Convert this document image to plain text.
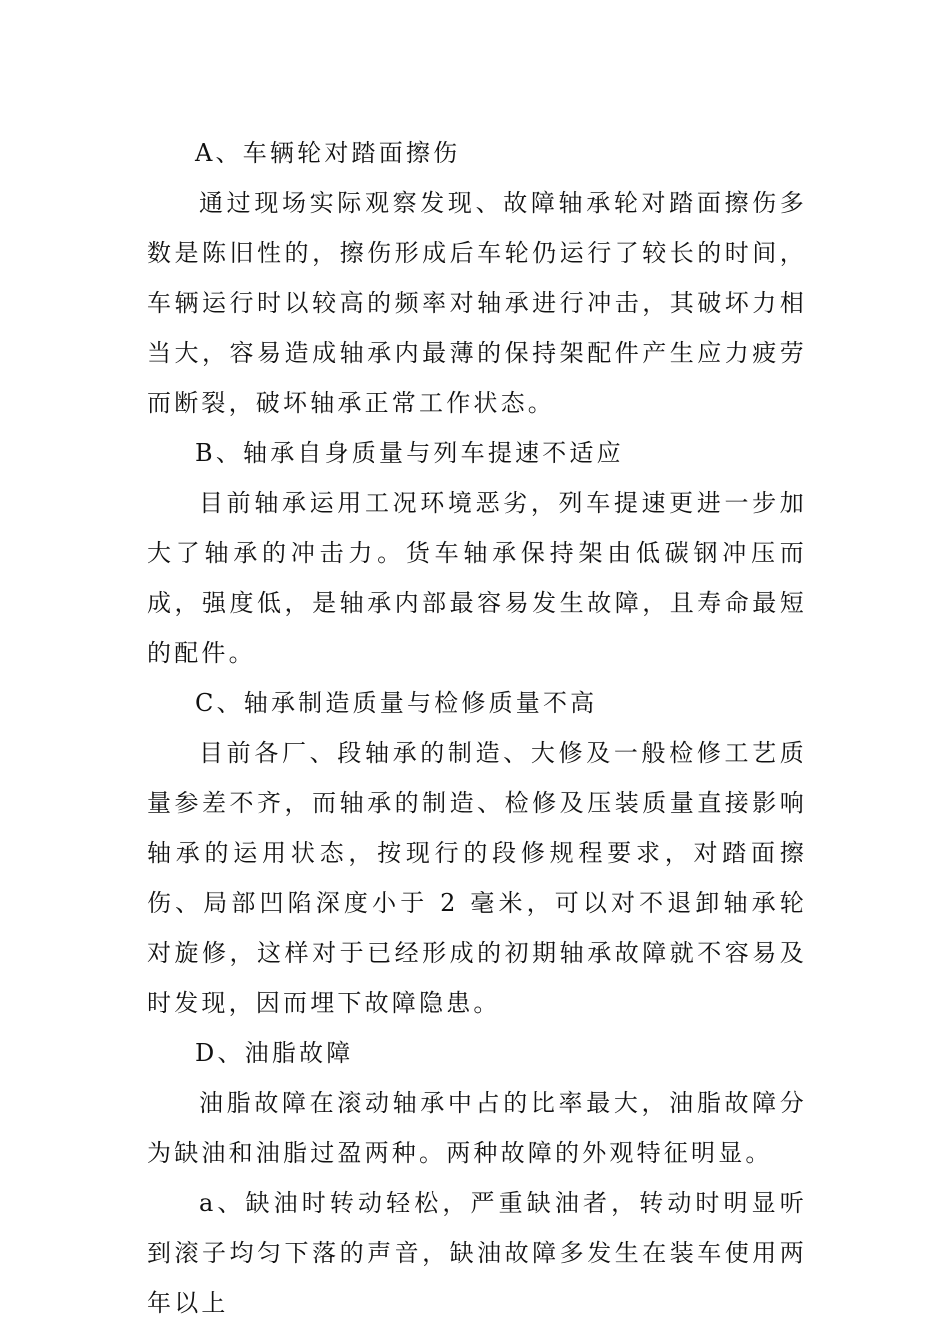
A、车辆轮对踏面擦伤

通过现场实际观察发现、故障轴承轮对踏面擦伤多数是陈旧性的，擦伤形成后车轮仍运行了较长的时间，车辆运行时以较高的频率对轴承进行冲击，其破坏力相当大，容易造成轴承内最薄的保持架配件产生应力疲劳而断裂，破坏轴承正常工作状态。

B、轴承自身质量与列车提速不适应

目前轴承运用工况环境恶劣，列车提速更进一步加大了轴承的冲击力。货车轴承保持架由低碳钢冲压而成，强度低，是轴承内部最容易发生故障，且寿命最短的配件。

C、轴承制造质量与检修质量不高

目前各厂、段轴承的制造、大修及一般检修工艺质量参差不齐，而轴承的制造、检修及压装质量直接影响轴承的运用状态，按现行的段修规程要求，对踏面擦伤、局部凹陷深度小于 2 毫米，可以对不退卸轴承轮对旋修，这样对于已经形成的初期轴承故障就不容易及时发现，因而埋下故障隐患。

D、油脂故障

油脂故障在滚动轴承中占的比率最大，油脂故障分为缺油和油脂过盈两种。两种故障的外观特征明显。

a、缺油时转动轻松，严重缺油者，转动时明显听到滚子均匀下落的声音，缺油故障多发生在装车使用两年以上
